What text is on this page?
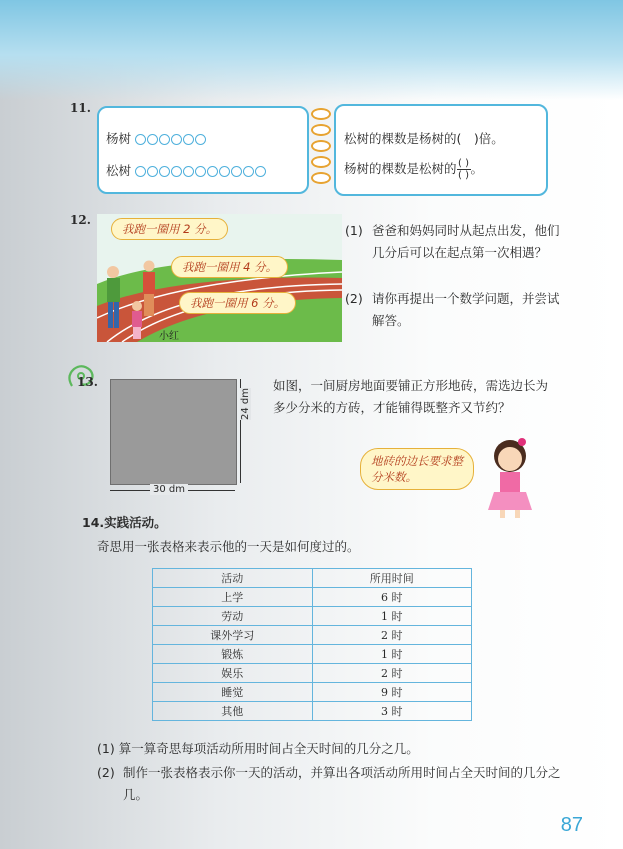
11.
杨树
松树
松树的棵数是杨树的(　)倍。
杨树的棵数是松树的 $\frac{( )}{( )}$ 。
12.
我跑一圈用 2 分。
我跑一圈用 4 分。
我跑一圈用 6 分。
小红
(1) 爸爸和妈妈同时从起点出发，他们几分后可以在起点第一次相遇？
(2) 请你再提出一个数学问题，并尝试解答。
13.
24 dm
30 dm
如图，一间厨房地面要铺正方形地砖，需选边长为多少分米的方砖，才能铺得既整齐又节约？
地砖的边长要求整分米数。
14.实践活动。
奇思用一张表格来表示他的一天是如何度过的。
活动	所用时间
上学	6 时
劳动	1 时
课外学习	2 时
锻炼	1 时
娱乐	2 时
睡觉	9 时
其他	3 时
(1) 算一算奇思每项活动所用时间占全天时间的几分之几。
(2) 制作一张表格表示你一天的活动，并算出各项活动所用时间占全天时间的几分之几。
87
